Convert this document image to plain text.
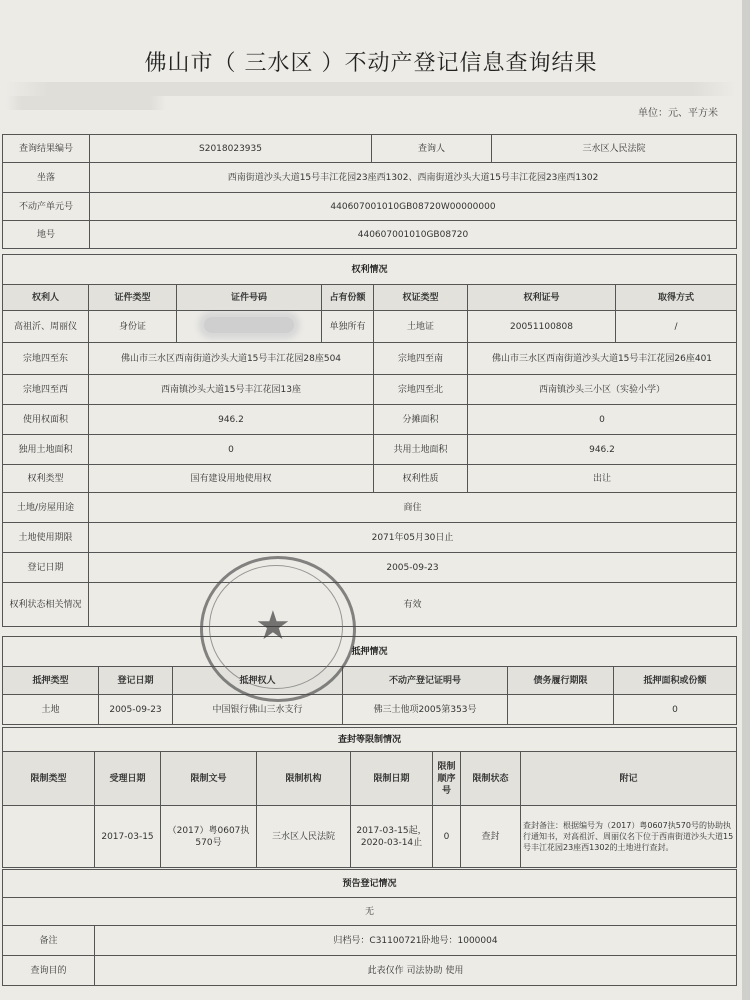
佛山市（ 三水区 ）不动产登记信息查询结果
单位：元、平方米
查询结果编号	S2018023935	查询人	三水区人民法院
坐落	西南街道沙头大道15号丰江花园23座西1302、西南街道沙头大道15号丰江花园23座西1302		
不动产单元号	440607001010GB08720W00000000		
地号	440607001010GB08720		
权利情况						
权利人	证件类型	证件号码	占有份额	权证类型	权利证号	取得方式
高祖沂、周丽仪	身份证		单独所有	土地证	20051100808	/
宗地四至东	佛山市三水区西南街道沙头大道15号丰江花园28座504			宗地四至南	佛山市三水区西南街道沙头大道15号丰江花园26座401	
宗地四至西	西南镇沙头大道15号丰江花园13座			宗地四至北	西南镇沙头三小区（实验小学）	
使用权面积	946.2			分摊面积	0	
独用土地面积	0			共用土地面积	946.2	
权利类型	国有建设用地使用权			权利性质	出让	
土地/房屋用途	商住					
土地使用期限	2071年05月30日止					
登记日期	2005-09-23					
权利状态相关情况	有效					
抵押情况					
抵押类型	登记日期	抵押权人	不动产登记证明号	债务履行期限	抵押面积或份额
土地	2005-09-23	中国银行佛山三水支行	佛三土他项2005第353号		0
查封等限制情况							
限制类型	受理日期	限制文号	限制机构	限制日期	限制顺序号	限制状态	附记
	2017-03-15	（2017）粤0607执570号	三水区人民法院	2017-03-15起，2020-03-14止	0	查封	查封备注：根据编号为（2017）粤0607执570号的协助执行通知书，对高祖沂、周丽仪名下位于西南街道沙头大道15号丰江花园23座西1302的土地进行查封。
预告登记情况	
无	
备注	归档号：C31100721卧地号：1000004
查询目的	此表仅作 司法协助 使用
★
